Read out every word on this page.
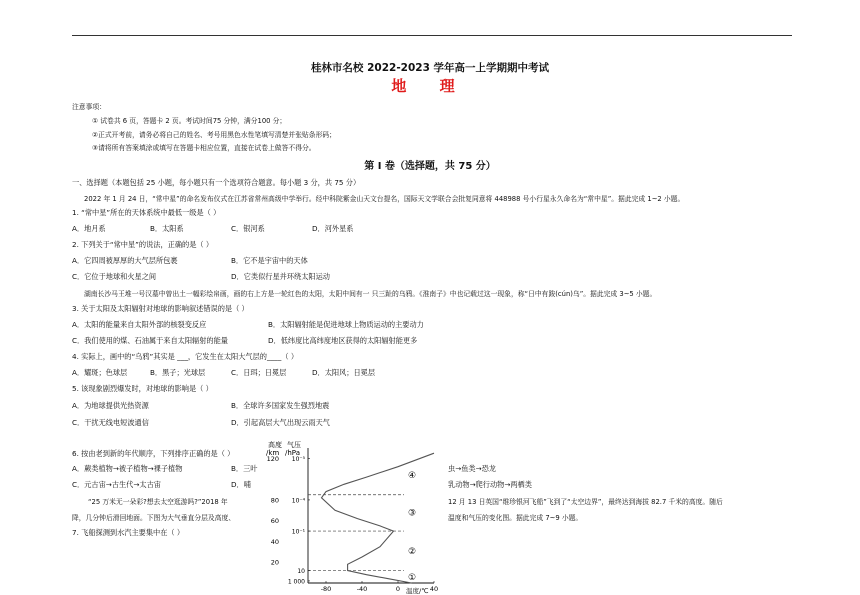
桂林市名校 2022-2023 学年高一上学期期中考试
地 理
注意事项：
① 试卷共 6 页，答题卡 2 页。考试时间75 分钟，满分100 分；
②正式开考前，请务必将自己的姓名、考号用黑色水性笔填写清楚并张贴条形码；
③请将所有答案填涂或填写在答题卡相应位置，直接在试卷上做答不得分。
第 I 卷（选择题，共 75 分）
一、选择题（本题包括 25 小题，每小题只有一个选项符合题意。每小题 3 分，共 75 分）
2022 年 1 月 24 日，“常中星”的命名发布仪式在江苏省常州高级中学举行。经中科院紫金山天文台提名，国际天文学联合会批复同意将 448988 号小行星永久命名为“常中星”。据此完成 1~2 小题。
1. “常中星”所在的天体系统中最低一级是（ ）
A．地月系	B．太阳系	C．银河系	D．河外星系
2. 下列关于“常中星”的说法，正确的是（ ）
A．它四周被厚厚的大气层所包裹	B．它不是宇宙中的天体
C．它位于地球和火星之间	D．它类似行星并环绕太阳运动
湖南长沙马王堆一号汉墓中曾出土一幅彩绘帛画，画的右上方是一轮红色的太阳，太阳中间有一 只三趾的乌鸦。《淮南子》中也记载过这一现象，称“日中有踆(cún)乌”。据此完成 3~5 小题。
3. 关于太阳及太阳辐射对地球的影响叙述错误的是（ ）
A．太阳的能量来自太阳外部的核裂变反应	B．太阳辐射能是促进地球上物质运动的主要动力
C．我们使用的煤、石油属于来自太阳辐射的能量	D．低纬度比高纬度地区获得的太阳辐射能更多
4. 实际上，画中的“乌鸦”其实是 ___，它发生在太阳大气层的____（ ）
A．耀斑；色球层	B．黑子；光球层	C．日珥；日冕层	D．太阳风；日冕层
5. 该现象剧烈爆发时，对地球的影响是（ ）
A．为地球提供光热资源	B．全球许多国家发生强烈地震
C．干扰无线电短波通信	D．引起高层大气出现云雨天气
6. 按由老到新的年代顺序，下列排序正确的是（ ）
A．蕨类植物→被子植物→裸子植物	B．三叶	虫→鱼类→恐龙
C．元古宙→古生代→太古宙	D．哺	乳动物→爬行动物→两栖类
“25 万米无一朵彩?想去太空逛游吗?”2018 年	12 月 13 日英国“维珍银河飞船”飞到了“太空边界”，最终达到海拔 82.7 千米的高度。随后
降，几分钟后滑回地面。下图为大气垂直分层及高度、	温度和气压的变化图。据此完成 7~9 小题。
7. 飞船探测到水汽主要集中在（ ）
高度
/km
气压
/hPa
120
80
60
40
20
10⁻⁵
10⁻⁴
10⁻¹
10
1 000
-80	-40	0	40
①
②
③
④
温度/℃
